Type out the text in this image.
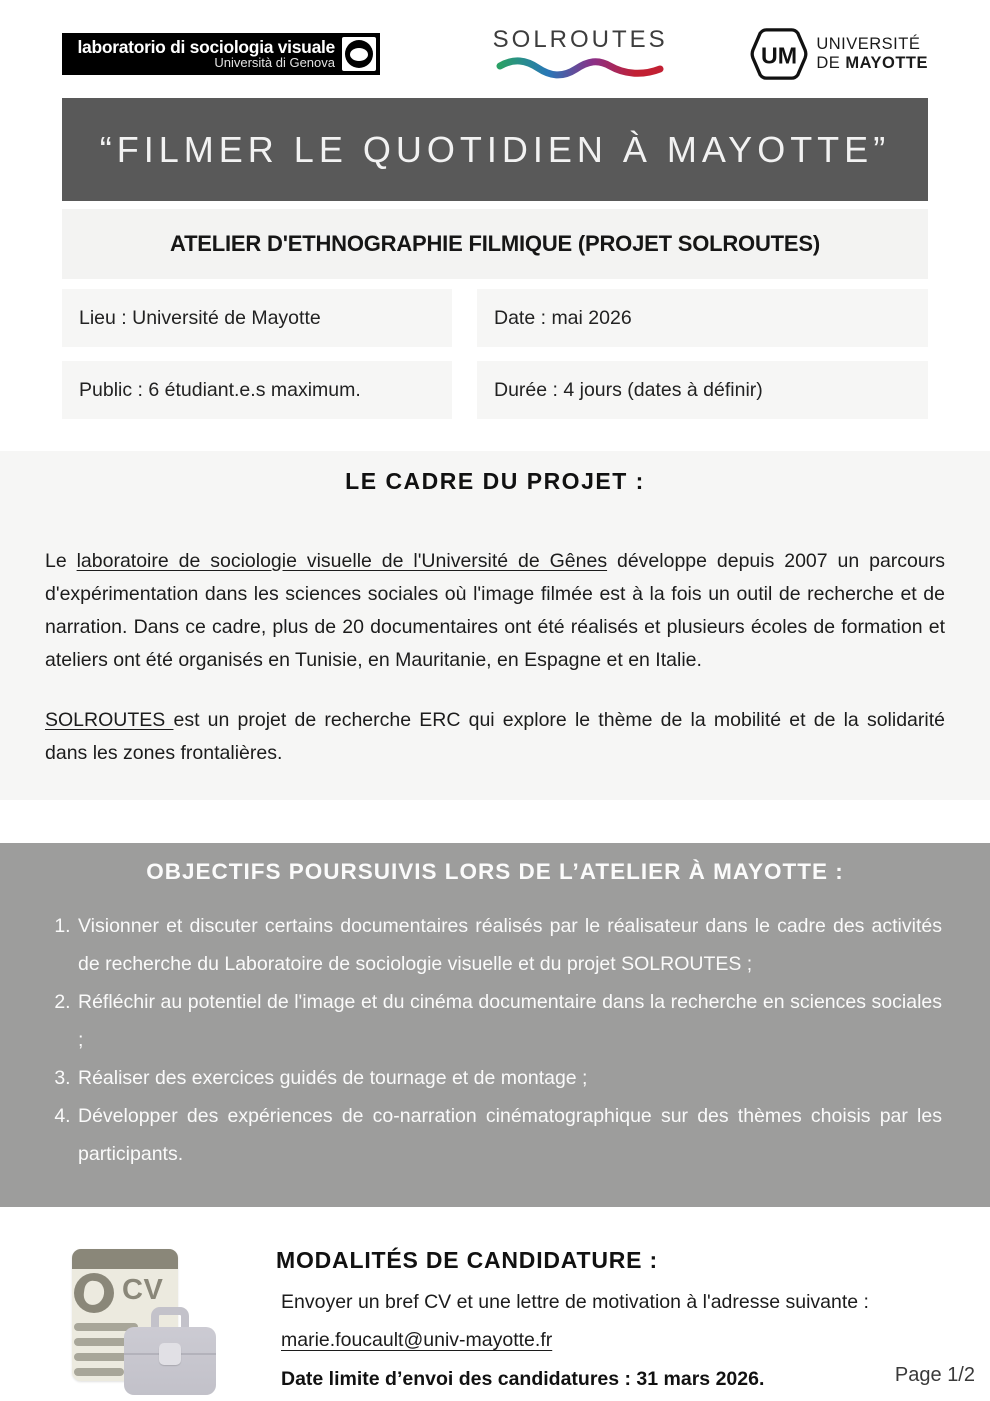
laboratorio di sociologia visuale
Università di Genova
SOLROUTES
UM UNIVERSITÉ
DE MAYOTTE
“FILMER LE QUOTIDIEN À MAYOTTE”
ATELIER D'ETHNOGRAPHIE FILMIQUE (PROJET SOLROUTES)
Lieu : Université de Mayotte	Date : mai 2026
Public : 6 étudiant.e.s maximum.	Durée : 4 jours (dates à définir)
LE CADRE DU PROJET :

Le laboratoire de sociologie visuelle de l'Université de Gênes développe depuis 2007 un parcours d'expérimentation dans les sciences sociales où l'image filmée est à la fois un outil de recherche et de narration. Dans ce cadre, plus de 20 documentaires ont été réalisés et plusieurs écoles de formation et ateliers ont été organisés en Tunisie, en Mauritanie, en Espagne et en Italie.

SOLROUTES est un projet de recherche ERC qui explore le thème de la mobilité et de la solidarité dans les zones frontalières.

OBJECTIFS POURSUIVIS LORS DE L’ATELIER À MAYOTTE :
1. Visionner et discuter certains documentaires réalisés par le réalisateur dans le cadre des activités de recherche du Laboratoire de sociologie visuelle et du projet SOLROUTES ;
2. Réfléchir au potentiel de l'image et du cinéma documentaire dans la recherche en sciences sociales ;
3. Réaliser des exercices guidés de tournage et de montage ;
4. Développer des expériences de co-narration cinématographique sur des thèmes choisis par les participants.
CV
MODALITÉS DE CANDIDATURE :
Envoyer un bref CV et une lettre de motivation à l'adresse suivante :
marie.foucault@univ-mayotte.fr
Date limite d’envoi des candidatures : 31 mars 2026.	Page 1/2
